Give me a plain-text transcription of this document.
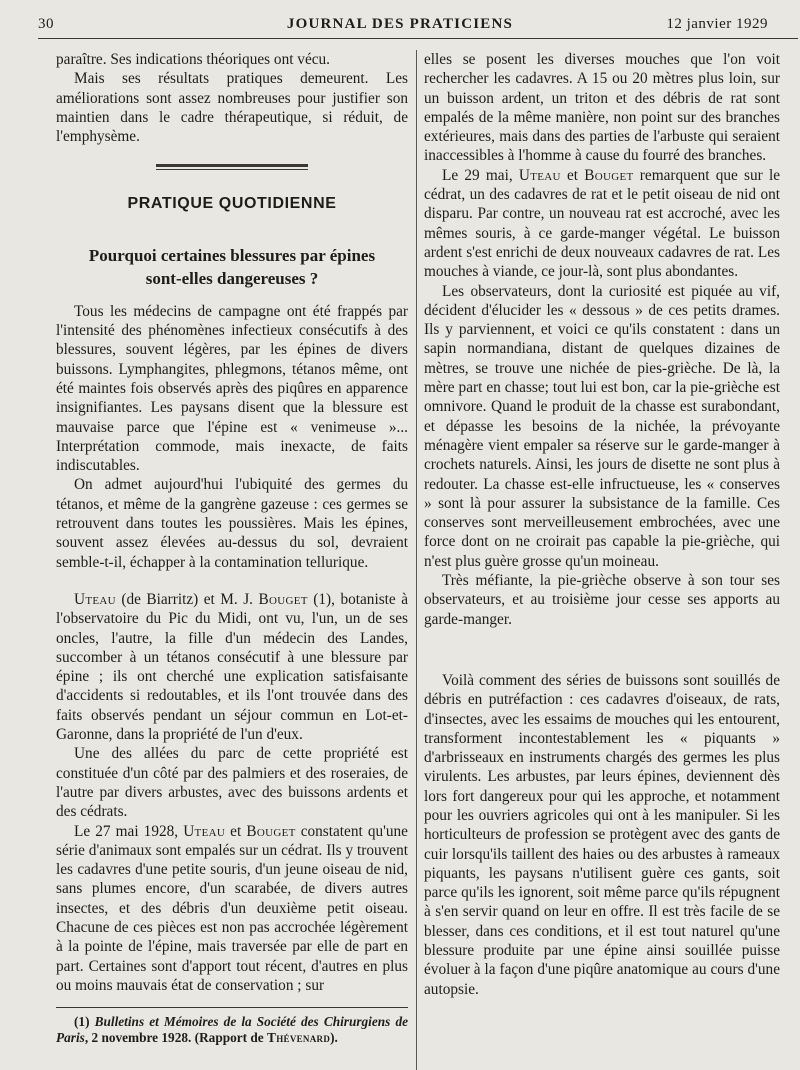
30	JOURNAL DES PRATICIENS	12 janvier 1929

paraître. Ses indications théoriques ont vécu.

Mais ses résultats pratiques demeurent. Les améliorations sont assez nombreuses pour justifier son maintien dans le cadre thérapeutique, si réduit, de l'emphysème.

PRATIQUE QUOTIDIENNE
Pourquoi certaines blessures par épines
sont-elles dangereuses ?

Tous les médecins de campagne ont été frappés par l'intensité des phénomènes infectieux consécutifs à des blessures, souvent légères, par les épines de divers buissons. Lymphangites, phlegmons, tétanos même, ont été maintes fois observés après des piqûres en apparence insignifiantes. Les paysans disent que la blessure est mauvaise parce que l'épine est « venimeuse »... Interprétation commode, mais inexacte, de faits indiscutables.

On admet aujourd'hui l'ubiquité des germes du tétanos, et même de la gangrène gazeuse : ces germes se retrouvent dans toutes les poussières. Mais les épines, souvent assez élevées au-dessus du sol, devraient semble-t-il, échapper à la contamination tellurique.

Uteau (de Biarritz) et M. J. Bouget (1), botaniste à l'observatoire du Pic du Midi, ont vu, l'un, un de ses oncles, l'autre, la fille d'un médecin des Landes, succomber à un tétanos consécutif à une blessure par épine ; ils ont cherché une explication satisfaisante d'accidents si redoutables, et ils l'ont trouvée dans des faits observés pendant un séjour commun en Lot-et-Garonne, dans la propriété de l'un d'eux.

Une des allées du parc de cette propriété est constituée d'un côté par des palmiers et des roseraies, de l'autre par divers arbustes, avec des buissons ardents et des cédrats.

Le 27 mai 1928, Uteau et Bouget constatent qu'une série d'animaux sont empalés sur un cédrat. Ils y trouvent les cadavres d'une petite souris, d'un jeune oiseau de nid, sans plumes encore, d'un scarabée, de divers autres insectes, et des débris d'un deuxième petit oiseau. Chacune de ces pièces est non pas accrochée légèrement à la pointe de l'épine, mais traversée par elle de part en part. Certaines sont d'apport tout récent, d'autres en plus ou moins mauvais état de conservation ; sur

(1) Bulletins et Mémoires de la Société des Chirurgiens de Paris, 2 novembre 1928. (Rapport de Thévenard).

elles se posent les diverses mouches que l'on voit rechercher les cadavres. A 15 ou 20 mètres plus loin, sur un buisson ardent, un triton et des débris de rat sont empalés de la même manière, non point sur des branches extérieures, mais dans des parties de l'arbuste qui seraient inaccessibles à l'homme à cause du fourré des branches.

Le 29 mai, Uteau et Bouget remarquent que sur le cédrat, un des cadavres de rat et le petit oiseau de nid ont disparu. Par contre, un nouveau rat est accroché, avec les mêmes souris, à ce garde-manger végétal. Le buisson ardent s'est enrichi de deux nouveaux cadavres de rat. Les mouches à viande, ce jour-là, sont plus abondantes.

Les observateurs, dont la curiosité est piquée au vif, décident d'élucider les « dessous » de ces petits drames. Ils y parviennent, et voici ce qu'ils constatent : dans un sapin normandiana, distant de quelques dizaines de mètres, se trouve une nichée de pies-grièche. De là, la mère part en chasse; tout lui est bon, car la pie-grièche est omnivore. Quand le produit de la chasse est surabondant, et dépasse les besoins de la nichée, la prévoyante ménagère vient empaler sa réserve sur le garde-manger à crochets naturels. Ainsi, les jours de disette ne sont plus à redouter. La chasse est-elle infructueuse, les « conserves » sont là pour assurer la subsistance de la famille. Ces conserves sont merveilleusement embrochées, avec une force dont on ne croirait pas capable la pie-grièche, qui n'est plus guère grosse qu'un moineau.

Très méfiante, la pie-grièche observe à son tour ses observateurs, et au troisième jour cesse ses apports au garde-manger.

Voilà comment des séries de buissons sont souillés de débris en putréfaction : ces cadavres d'oiseaux, de rats, d'insectes, avec les essaims de mouches qui les entourent, transforment incontestablement les « piquants » d'arbrisseaux en instruments chargés des germes les plus virulents. Les arbustes, par leurs épines, deviennent dès lors fort dangereux pour qui les approche, et notamment pour les ouvriers agricoles qui ont à les manipuler. Si les horticulteurs de profession se protègent avec des gants de cuir lorsqu'ils taillent des haies ou des arbustes à rameaux piquants, les paysans n'utilisent guère ces gants, soit parce qu'ils les ignorent, soit même parce qu'ils répugnent à s'en servir quand on leur en offre. Il est très facile de se blesser, dans ces conditions, et il est tout naturel qu'une blessure produite par une épine ainsi souillée puisse évoluer à la façon d'une piqûre anatomique au cours d'une autopsie.
